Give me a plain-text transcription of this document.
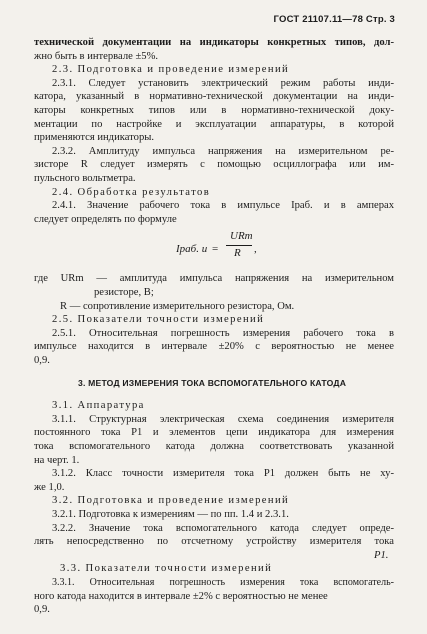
ГОСТ 21107.11—78 Стр. 3
технической документации на индикаторы конкретных типов, дол-
жно быть в интервале ±5%.
2.3. Подготовка и проведение измерений
2.3.1. Следует установить электрический режим работы инди-
катора, указанный в нормативно-технической документации на инди-
каторы конкретных типов или в нормативно-технической доку-
ментации по настройке и эксплуатации аппаратуры, в которой
применяются индикаторы.
2.3.2. Амплитуду импульса напряжения на измерительном ре-
зисторе R следует измерять с помощью осциллографа или им-
пульсного вольтметра.
2.4. Обработка результатов
2.4.1. Значение рабочего тока в импульсе Iраб. и в амперах
следует определять по формуле
Iраб. и =
URm
R ,
где URm — амплитуда импульса напряжения на измерительном
резисторе, В;
R — сопротивление измерительного резистора, Ом.
2.5. Показатели точности измерений
2.5.1. Относительная погрешность измерения рабочего тока в
импульсе находится в интервале ±20% с вероятностью не менее
0,9.
3. МЕТОД ИЗМЕРЕНИЯ ТОКА ВСПОМОГАТЕЛЬНОГО КАТОДА
3.1. Аппаратура
3.1.1. Структурная электрическая схема соединения измерителя
постоянного тока P1 и элементов цепи индикатора для измерения
тока вспомогательного катода должна соответствовать указанной
на черт. 1.
3.1.2. Класс точности измерителя тока P1 должен быть не ху-
же 1,0.
3.2. Подготовка и проведение измерений
3.2.1. Подготовка к измерениям — по пп. 1.4 и 2.3.1.
3.2.2. Значение тока вспомогательного катода следует опреде-
лять непосредственно по отсчетному устройству измерителя тока
P1.
3.3. Показатели точности измерений
3.3.1. Относительная погрешность измерения тока вспомогатель-
ного катода находится в интервале ±2% с вероятностью не менее
0,9.
